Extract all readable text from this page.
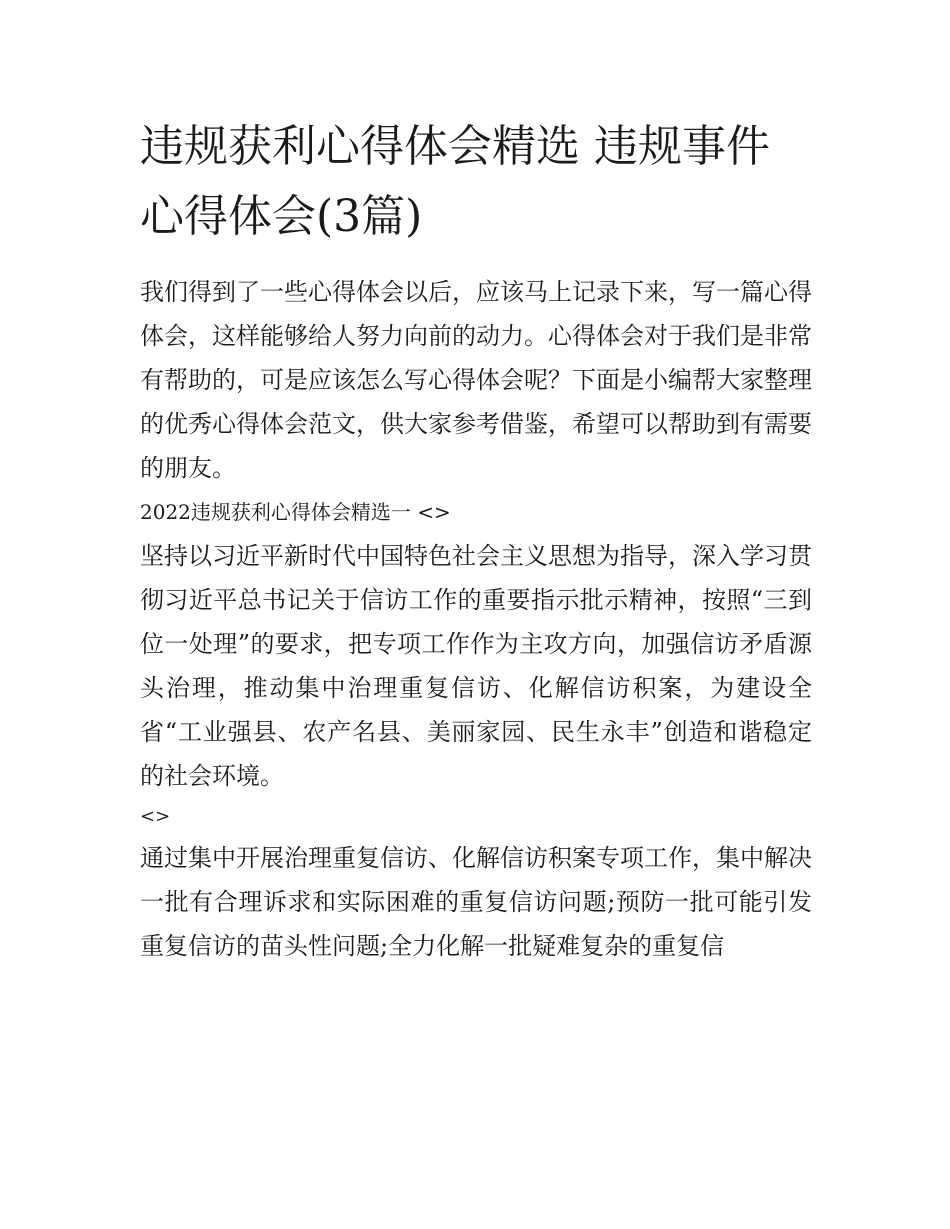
违规获利心得体会精选 违规事件心得体会(3篇)

我们得到了一些心得体会以后，应该马上记录下来，写一篇心得体会，这样能够给人努力向前的动力。心得体会对于我们是非常有帮助的，可是应该怎么写心得体会呢？下面是小编帮大家整理的优秀心得体会范文，供大家参考借鉴，希望可以帮助到有需要的朋友。

2022违规获利心得体会精选一 <>

坚持以习近平新时代中国特色社会主义思想为指导，深入学习贯彻习近平总书记关于信访工作的重要指示批示精神，按照“三到位一处理”的要求，把专项工作作为主攻方向，加强信访矛盾源头治理，推动集中治理重复信访、化解信访积案，为建设全省“工业强县、农产名县、美丽家园、民生永丰”创造和谐稳定的社会环境。

<>

通过集中开展治理重复信访、化解信访积案专项工作，集中解决一批有合理诉求和实际困难的重复信访问题;预防一批可能引发重复信访的苗头性问题;全力化解一批疑难复杂的重复信
